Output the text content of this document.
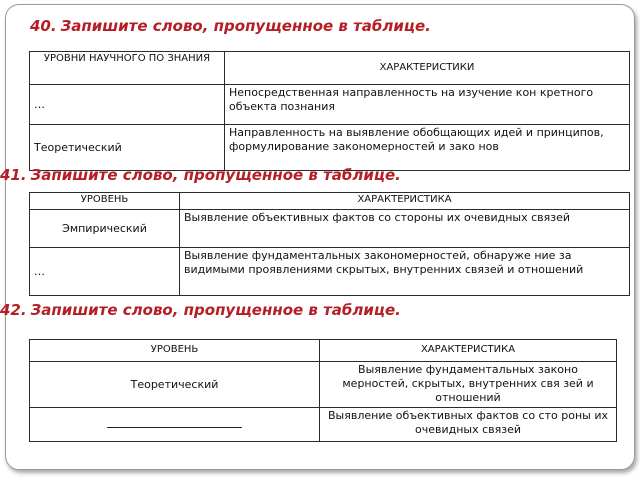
40. Запишите слово, пропущенное в таблице.
УРОВНИ НАУЧНОГО ПО ЗНАНИЯ	ХАРАКТЕРИСТИКИ
…	Непосредственная направленность на изучение кон кретного объекта познания
Теоретический	Направленность на выявление обобщающих идей и принципов, формулирование закономерностей и зако нов
41. Запишите слово, пропущенное в таблице.
УРОВЕНЬ	ХАРАКТЕРИСТИКА
Эмпирический	Выявление объективных фактов со стороны их очевидных связей
…	Выявление фундаментальных закономерностей, обнаруже ние за видимыми проявлениями скрытых, внутренних связей и отношений
42. Запишите слово, пропущенное в таблице.
УРОВЕНЬ	ХАРАКТЕРИСТИКА
Теоретический	Выявление фундаментальных законо мерностей, скрытых, внутренних свя зей и отношений
	Выявление объективных фактов со сто роны их очевидных связей
